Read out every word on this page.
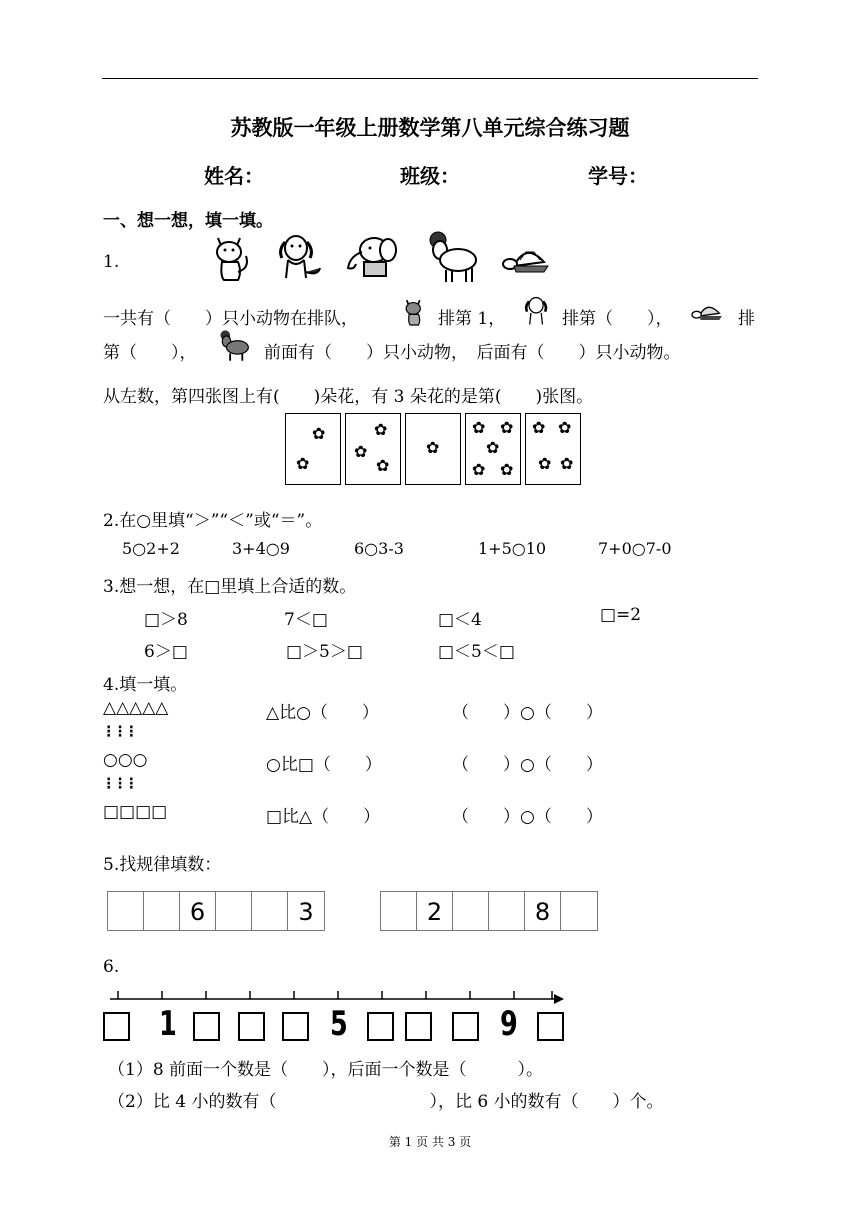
苏教版一年级上册数学第八单元综合练习题
姓名：	班级：	学号：
一、想一想，填一填。
1.
一共有（　　）只小动物在排队，	排第 1，	排第（　　），	排
第（　　），	前面有（　　）只小动物，　后面有（　　）只小动物。
从左数，第四张图上有(　　)朵花，有 3 朵花的是第(　　)张图。
✿
✿
✿
✿
✿
✿
✿ ✿
✿
✿ ✿
✿ ✿
✿ ✿
2.在○里填“＞”“＜”或“＝”。
5○2+2	3+4○9	6○3-3	1+5○10	7+0○7-0
3.想一想，在□里填上合适的数。
□＞8	7＜□	□＜4	□=2
6＞□	□＞5＞□	□＜5＜□
4.填一填。
△△△△△	△比○（　　）	（　　）○（　　）
⁝ ⁝ ⁝
○○○	○比□（　　）	（　　）○（　　）
⁝ ⁝ ⁝
□□□□	□比△（　　）	（　　）○（　　）
5.找规律填数：
6	3	2	8
6.
1	5	9
（1）8 前面一个数是（　　），后面一个数是（　　　）。
（2）比 4 小的数有（　　　　　　　　　），比 6 小的数有（　　）个。
第 1 页 共 3 页
